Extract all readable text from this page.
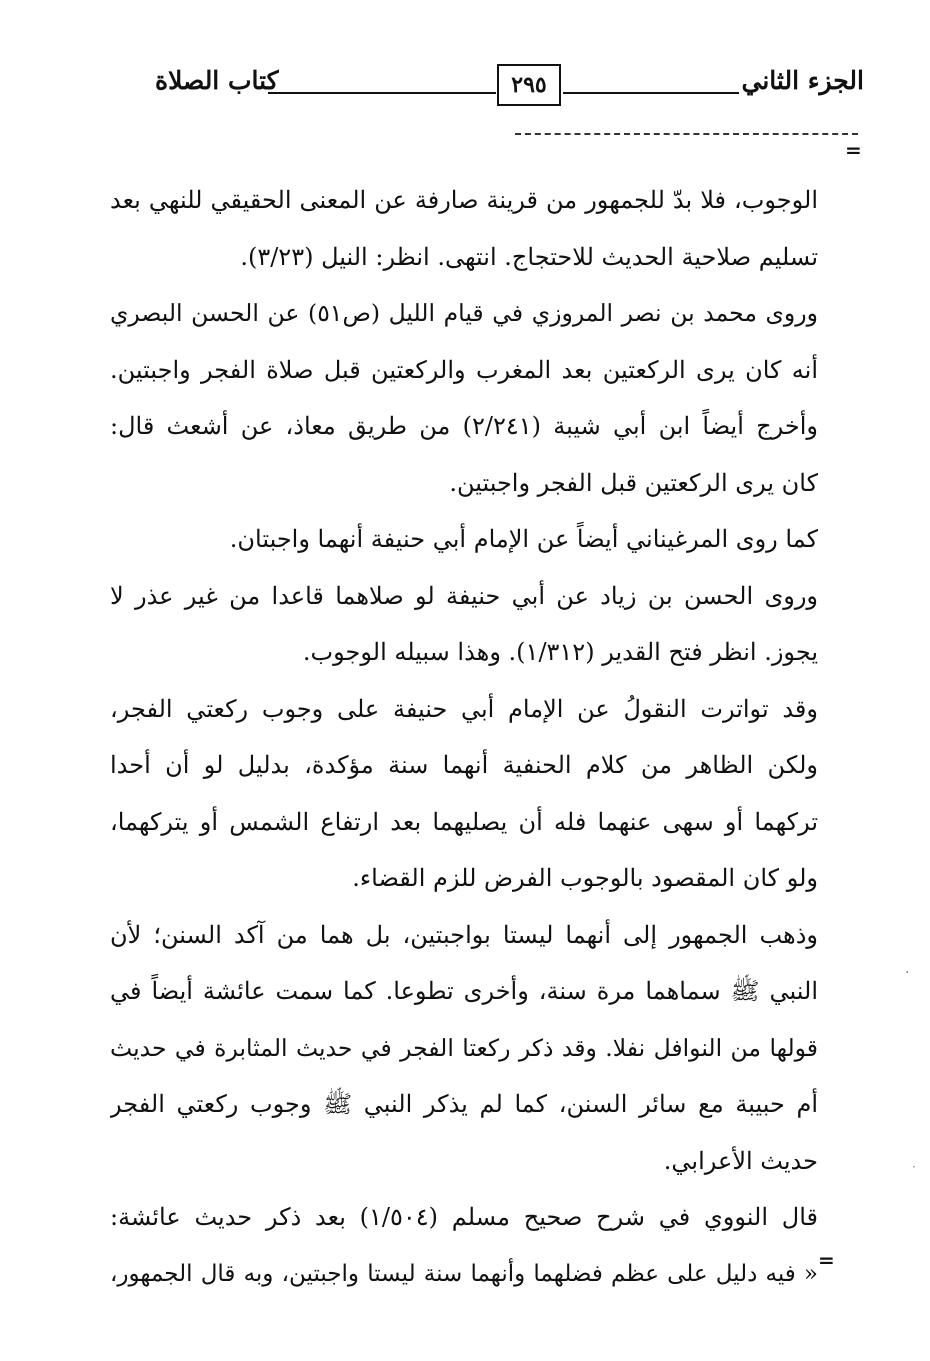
الجزء الثاني
٢٩٥
كتاب الصلاة
=
الوجوب، فلا بدّ للجمهور من قرينة صارفة عن المعنى الحقيقي للنهي بعد
تسليم صلاحية الحديث للاحتجاج. انتهى. انظر: النيل (٣/٢٣).
وروى محمد بن نصر المروزي في قيام الليل (ص٥١) عن الحسن البصري
أنه كان يرى الركعتين بعد المغرب والركعتين قبل صلاة الفجر واجبتين.
وأخرج أيضاً ابن أبي شيبة (٢/٢٤١) من طريق معاذ، عن أشعث قال:
كان يرى الركعتين قبل الفجر واجبتين.
كما روى المرغيناني أيضاً عن الإمام أبي حنيفة أنهما واجبتان.
وروى الحسن بن زياد عن أبي حنيفة لو صلاهما قاعدا من غير عذر لا
يجوز. انظر فتح القدير (١/٣١٢). وهذا سبيله الوجوب.
وقد تواترت النقولُ عن الإمام أبي حنيفة على وجوب ركعتي الفجر،
ولكن الظاهر من كلام الحنفية أنهما سنة مؤكدة، بدليل لو أن أحدا
تركهما أو سهى عنهما فله أن يصليهما بعد ارتفاع الشمس أو يتركهما،
ولو كان المقصود بالوجوب الفرض للزم القضاء.
وذهب الجمهور إلى أنهما ليستا بواجبتين، بل هما من آكد السنن؛ لأن
النبي ﷺ سماهما مرة سنة، وأخرى تطوعا. كما سمت عائشة أيضاً في
قولها من النوافل نفلا. وقد ذكر ركعتا الفجر في حديث المثابرة في حديث
أم حبيبة مع سائر السنن، كما لم يذكر النبي ﷺ وجوب ركعتي الفجر
حديث الأعرابي.
قال النووي في شرح صحيح مسلم (١/٥٠٤) بعد ذكر حديث عائشة:
« فيه دليل على عظم فضلهما وأنهما سنة ليستا واجبتين، وبه قال الجمهور،
=
·
·
